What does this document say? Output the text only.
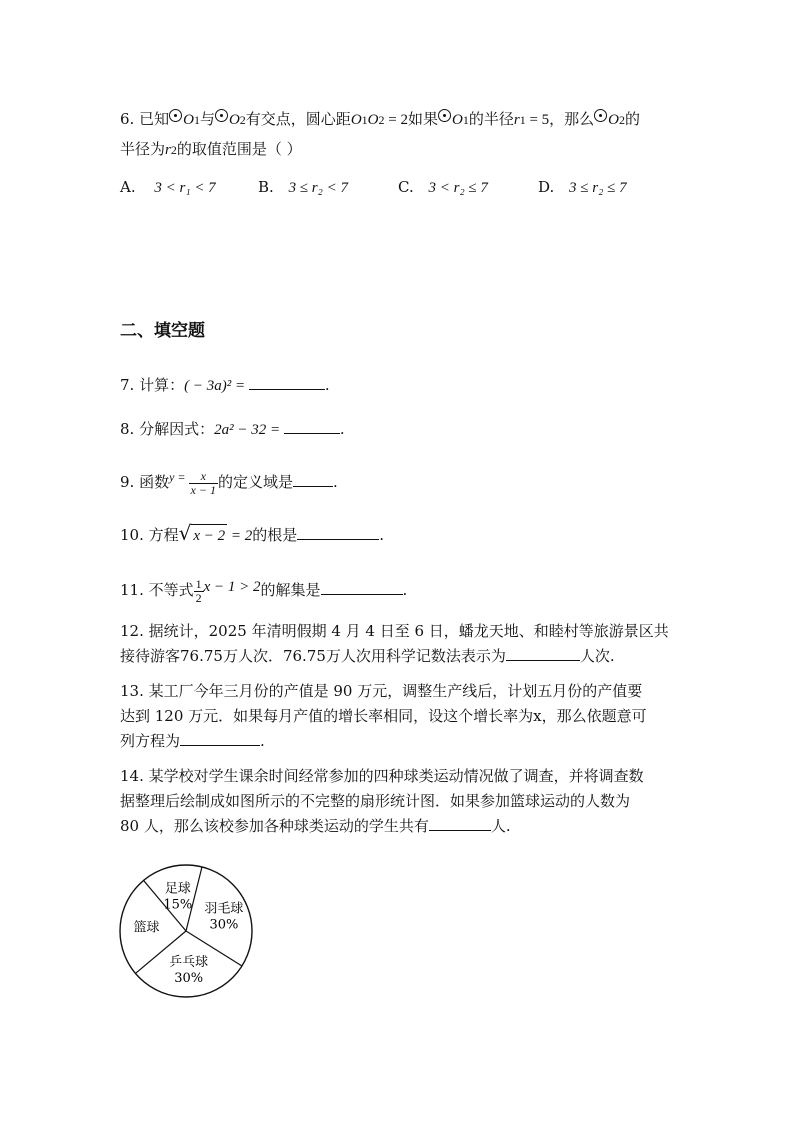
6. 已知 O1与 O2有交点，圆心距O1O2 = 2如果 O1的半径r1 = 5，那么 O2的
半径为r2的取值范围是（ ）
A. 3 < r₁ < 7	B. 3 ≤ r₂ < 7	C. 3 < r₂ ≤ 7	D. 3 ≤ r₂ ≤ 7
二、填空题
7. 计算：( − 3a)² =	.
8. 分解因式：2a² − 32 =	.
9. 函数$^{y =} \frac{x}{x - 1}$ 的定义域是	.
10. 方程√ x − 2 = 2的根是	.
11. 不等式 $\frac{1}{2}$ x − 1 > 2的解集是	.
12. 据统计，2025 年清明假期 4 月 4 日至 6 日，蟠龙天地、和睦村等旅游景区共
接待游客76.75万人次．76.75万人次用科学记数法表示为	人次.
13. 某工厂今年三月份的产值是 90 万元，调整生产线后，计划五月份的产值要
达到 120 万元．如果每月产值的增长率相同，设这个增长率为x，那么依题意可
列方程为	.
14. 某学校对学生课余时间经常参加的四种球类运动情况做了调查，并将调查数
据整理后绘制成如图所示的不完整的扇形统计图．如果参加篮球运动的人数为
80 人，那么该校参加各种球类运动的学生共有	人.
足球
15% 羽毛球
30%
乒乓球
30%
篮球
